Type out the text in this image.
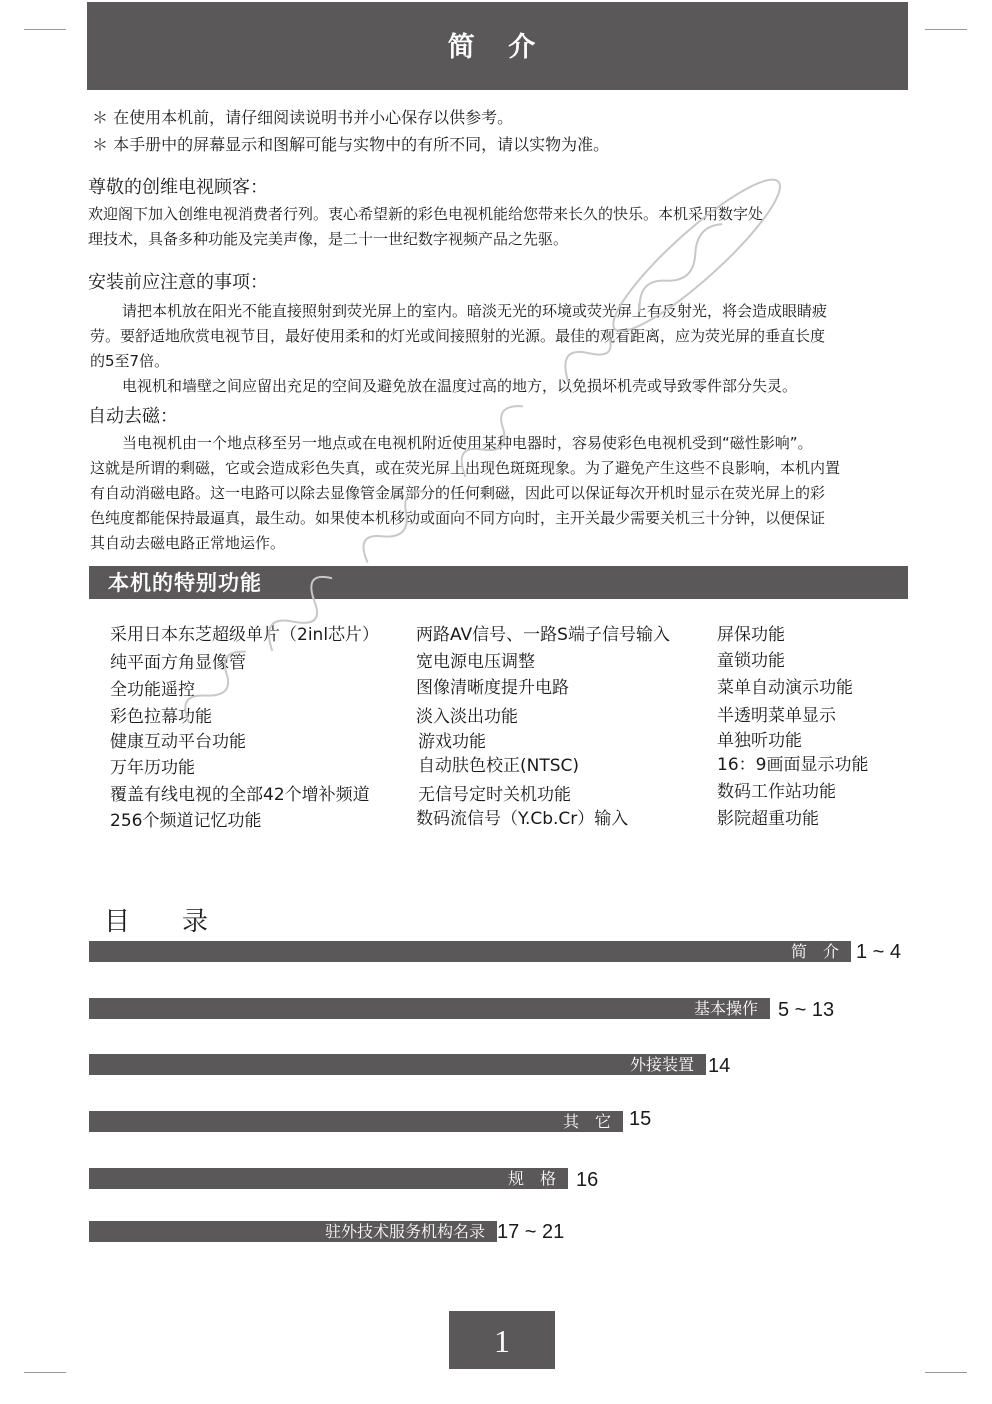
简 介
＊ 在使用本机前，请仔细阅读说明书并小心保存以供参考。
＊ 本手册中的屏幕显示和图解可能与实物中的有所不同，请以实物为准。
尊敬的创维电视顾客：
欢迎阁下加入创维电视消费者行列。衷心希望新的彩色电视机能给您带来长久的快乐。本机采用数字处
理技术，具备多种功能及完美声像，是二十一世纪数字视频产品之先驱。
安装前应注意的事项：
请把本机放在阳光不能直接照射到荧光屏上的室内。暗淡无光的环境或荧光屏上有反射光，将会造成眼睛疲
劳。要舒适地欣赏电视节目，最好使用柔和的灯光或间接照射的光源。最佳的观看距离，应为荧光屏的垂直长度
的5至7倍。
电视机和墙壁之间应留出充足的空间及避免放在温度过高的地方，以免损坏机壳或导致零件部分失灵。
自动去磁：
当电视机由一个地点移至另一地点或在电视机附近使用某种电器时，容易使彩色电视机受到“磁性影响”。
这就是所谓的剩磁，它或会造成彩色失真，或在荧光屏上出现色斑斑现象。为了避免产生这些不良影响，本机内置
有自动消磁电路。这一电路可以除去显像管金属部分的任何剩磁，因此可以保证每次开机时显示在荧光屏上的彩
色纯度都能保持最逼真，最生动。如果使本机移动或面向不同方向时，主开关最少需要关机三十分钟，以便保证
其自动去磁电路正常地运作。
本机的特别功能
采用日本东芝超级单片（2inl芯片）
纯平面方角显像管
全功能遥控
彩色拉幕功能
健康互动平台功能
万年历功能
覆盖有线电视的全部42个增补频道
256个频道记忆功能
两路AV信号、一路S端子信号输入
宽电源电压调整
图像清晰度提升电路
淡入淡出功能
游戏功能
自动肤色校正(NTSC)
无信号定时关机功能
数码流信号（Y.Cb.Cr）输入
屏保功能
童锁功能
菜单自动演示功能
半透明菜单显示
单独听功能
16：9画面显示功能
数码工作站功能
影院超重功能
目 录
简　介 1 ~ 4
基本操作	5 ~ 13
外接装置 14
其　它 15
规　格	16
驻外技术服务机构名录 17 ~ 21
1
